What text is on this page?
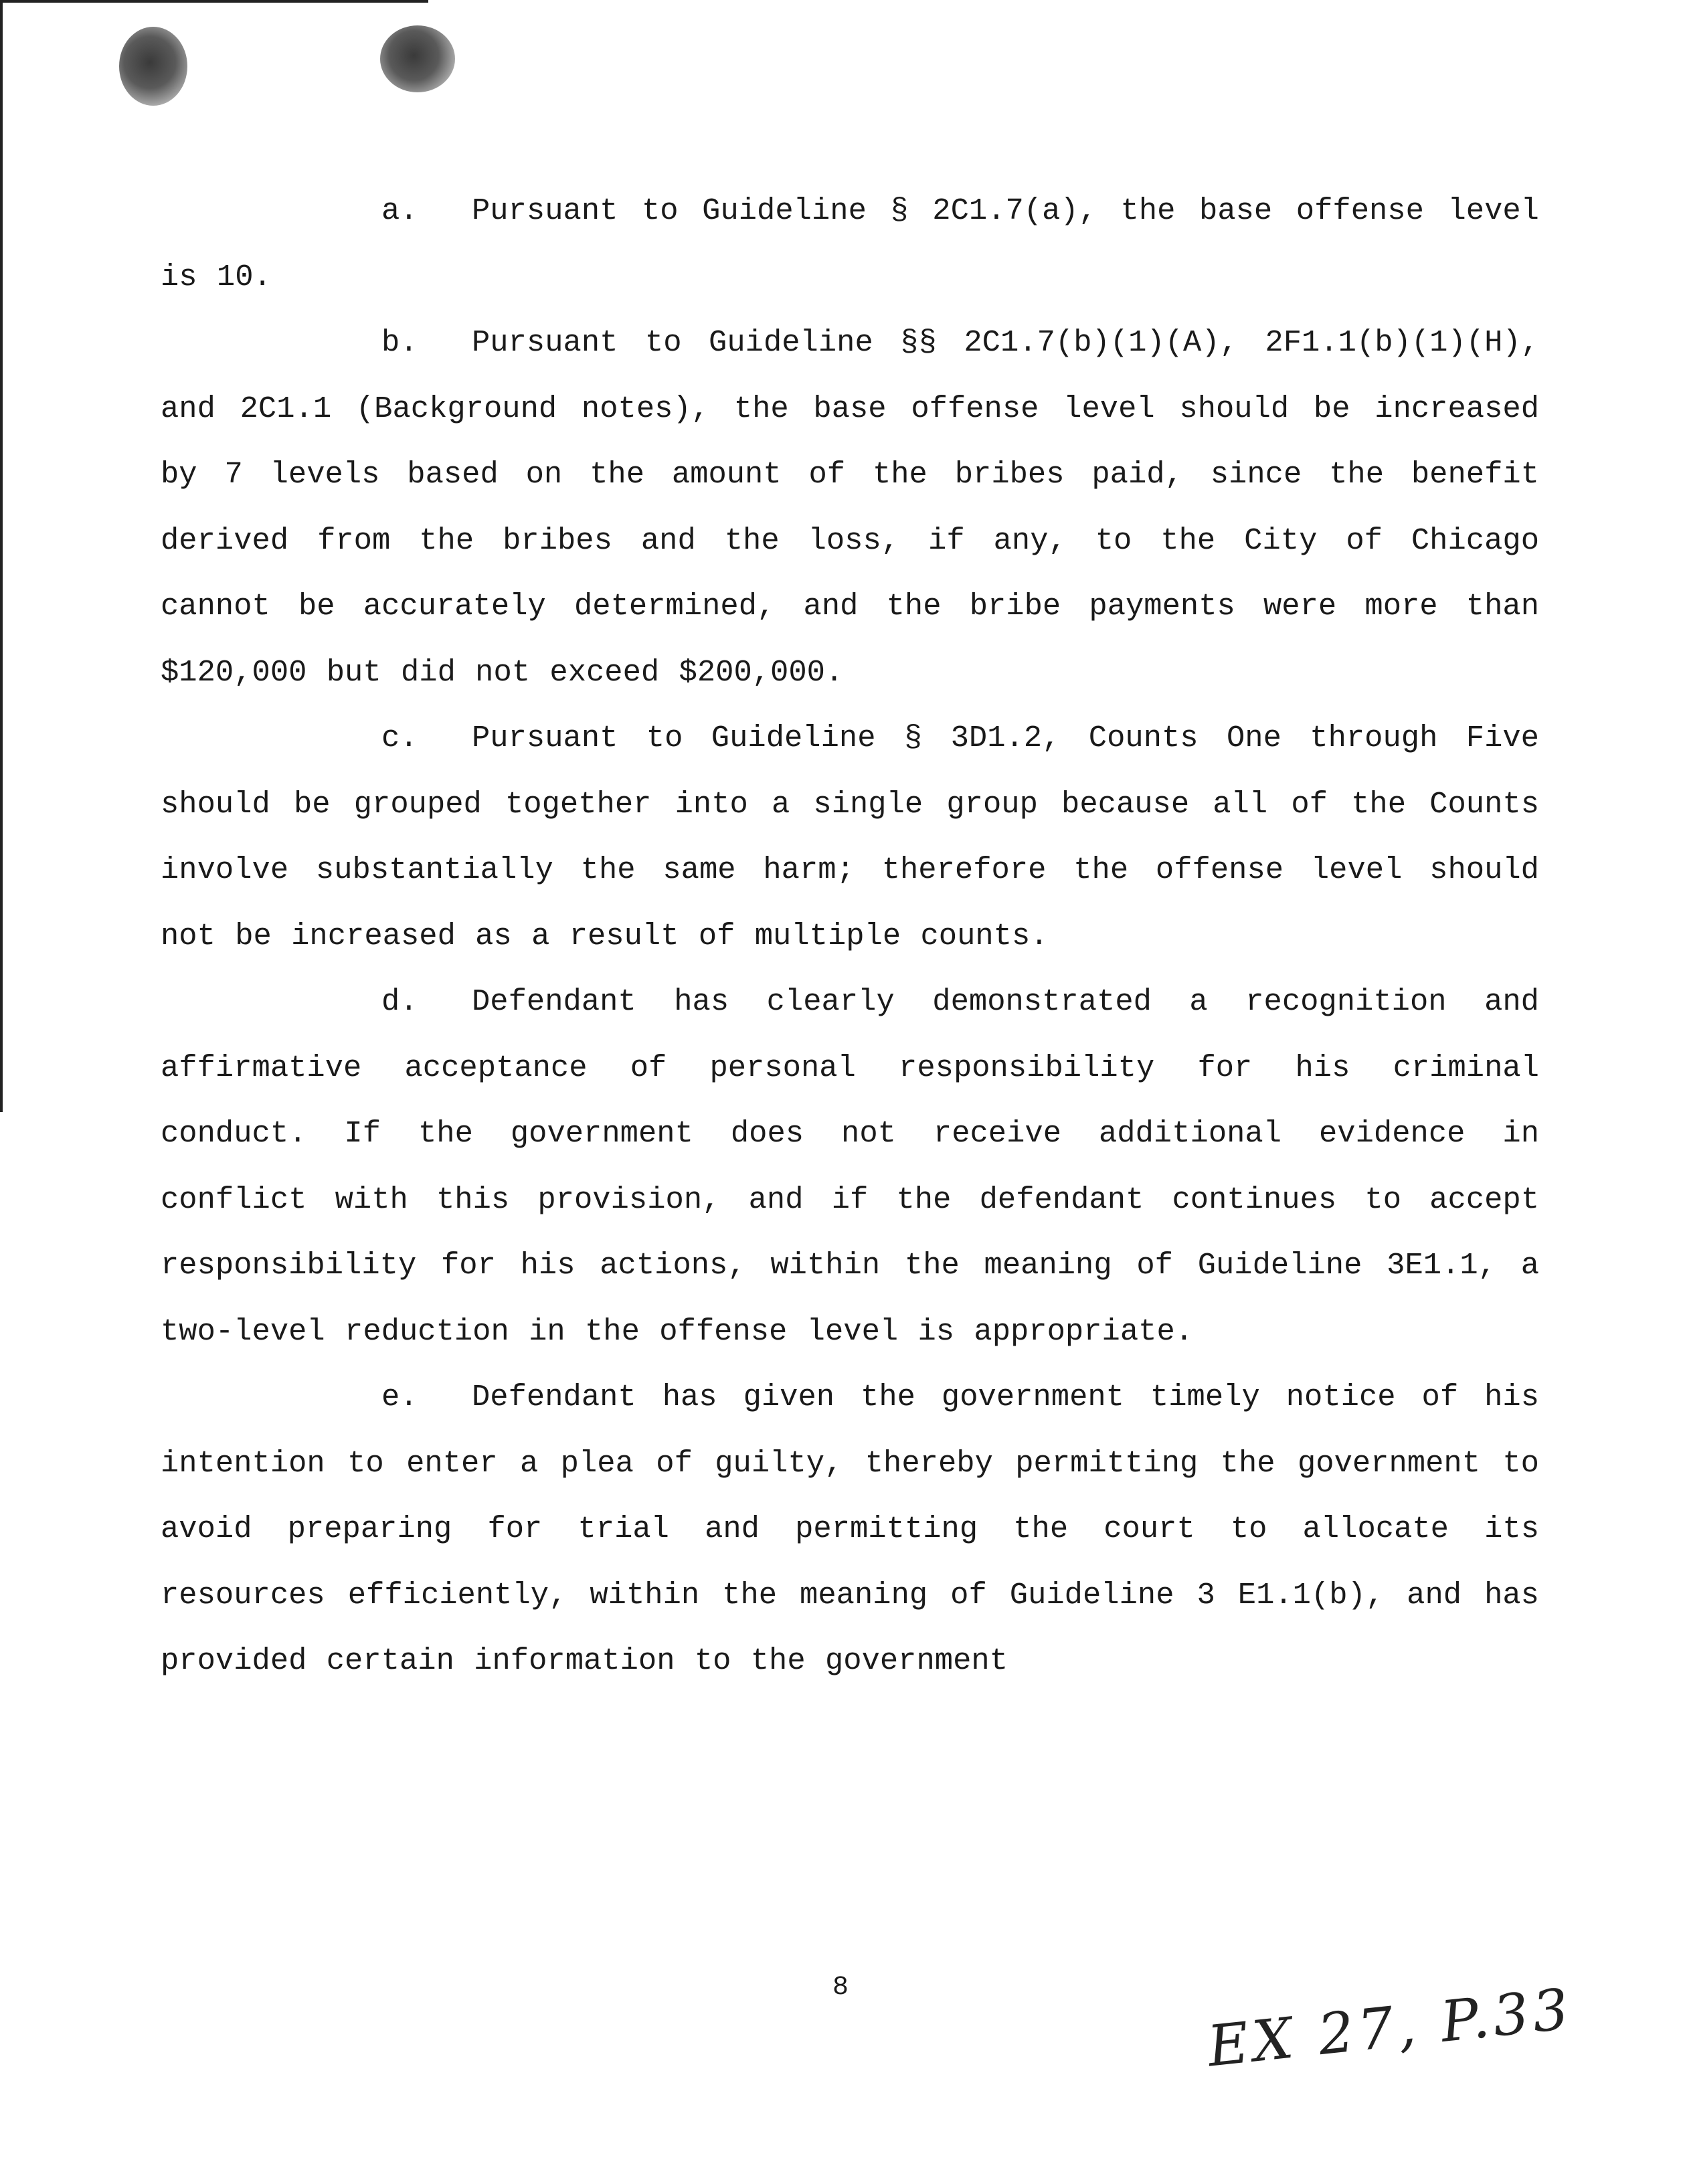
a. Pursuant to Guideline § 2C1.7(a), the base offense level is 10.

b. Pursuant to Guideline §§ 2C1.7(b)(1)(A), 2F1.1(b)(1)(H), and 2C1.1 (Background notes), the base offense level should be increased by 7 levels based on the amount of the bribes paid, since the benefit derived from the bribes and the loss, if any, to the City of Chicago cannot be accurately determined, and the bribe payments were more than $120,000 but did not exceed $200,000.

c. Pursuant to Guideline § 3D1.2, Counts One through Five should be grouped together into a single group because all of the Counts involve substantially the same harm; therefore the offense level should not be increased as a result of multiple counts.

d. Defendant has clearly demonstrated a recognition and affirmative acceptance of personal responsibility for his criminal conduct. If the government does not receive additional evidence in conflict with this provision, and if the defendant continues to accept responsibility for his actions, within the meaning of Guideline 3E1.1, a two-level reduction in the offense level is appropriate.

e. Defendant has given the government timely notice of his intention to enter a plea of guilty, thereby permitting the government to avoid preparing for trial and permitting the court to allocate its resources efficiently, within the meaning of Guideline 3 E1.1(b), and has provided certain information to the government

8	EX 27, P.33
